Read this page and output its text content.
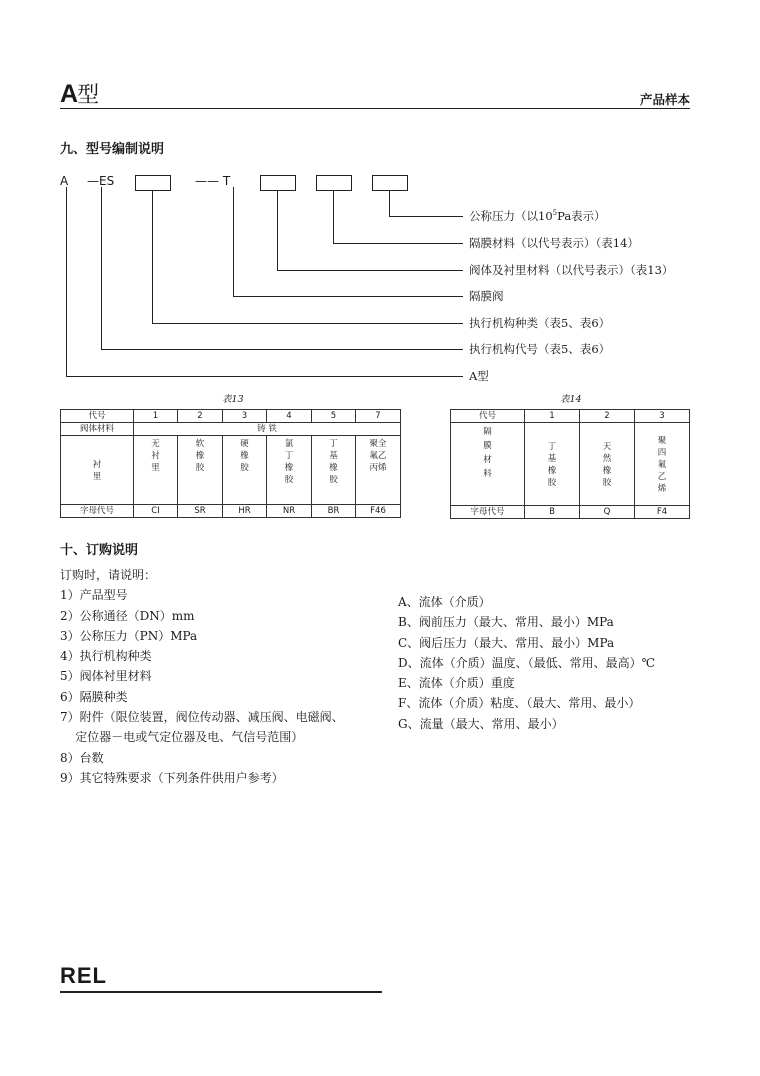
A型	产品样本
九、型号编制说明
A —ES	—— T
公称压力（以$10^5Pa$表示）
隔膜材料（以代号表示）（表14）
阀体及衬里材料（以代号表示）（表13）
隔膜阀
执行机构种类（表5、表6）
执行机构代号（表5、表6）
A型
表13
代号	1	2	3	4	5	7
阀体材料	铸 铁					
衬里	无衬里	软橡胶	硬橡胶	氯丁橡胶	丁基橡胶	聚全氟乙丙烯
字母代号	CI	SR	HR	NR	BR	F46
表14
代号	1	2	3
隔膜材料	丁基橡胶	天然橡胶	聚四氟乙烯
字母代号	B	Q	F4
十、订购说明
订购时，请说明：
1）产品型号
2）公称通径（DN）mm
3）公称压力（PN）MPa
4）执行机构种类
5）阀体衬里材料
6）隔膜种类
7）附件（限位装置，阀位传动器、减压阀、电磁阀、
定位器－电或气定位器及电、气信号范围）
8）台数
9）其它特殊要求（下列条件供用户参考）
A、流体（介质）
B、阀前压力（最大、常用、最小）MPa
C、阀后压力（最大、常用、最小）MPa
D、流体（介质）温度、（最低、常用、最高）℃
E、流体（介质）重度
F、流体（介质）粘度、（最大、常用、最小）
G、流量（最大、常用、最小）
REL
